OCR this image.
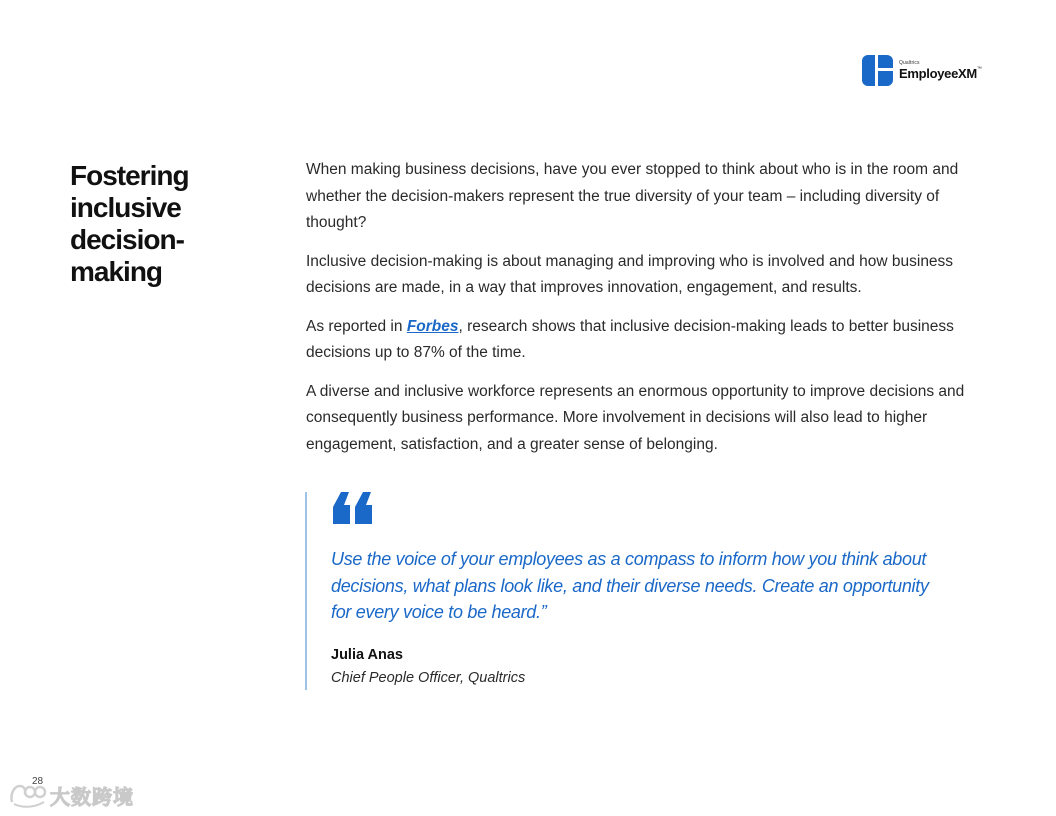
Qualtrics
EmployeeXM™
Fostering
inclusive
decision-
making

When making business decisions, have you ever stopped to think about who is in the room and whether the decision-makers represent the true diversity of your team – including diversity of thought?

Inclusive decision-making is about managing and improving who is involved and how business decisions are made, in a way that improves innovation, engagement, and results.

As reported in Forbes, research shows that inclusive decision-making leads to better business decisions up to 87% of the time.

A diverse and inclusive workforce represents an enormous opportunity to improve decisions and consequently business performance. More involvement in decisions will also lead to higher engagement, satisfaction, and a greater sense of belonging.

Use the voice of your employees as a compass to inform how you think about decisions, what plans look like, and their diverse needs. Create an opportunity for every voice to be heard.”

Julia Anas
Chief People Officer, Qualtrics
28
大数跨境
